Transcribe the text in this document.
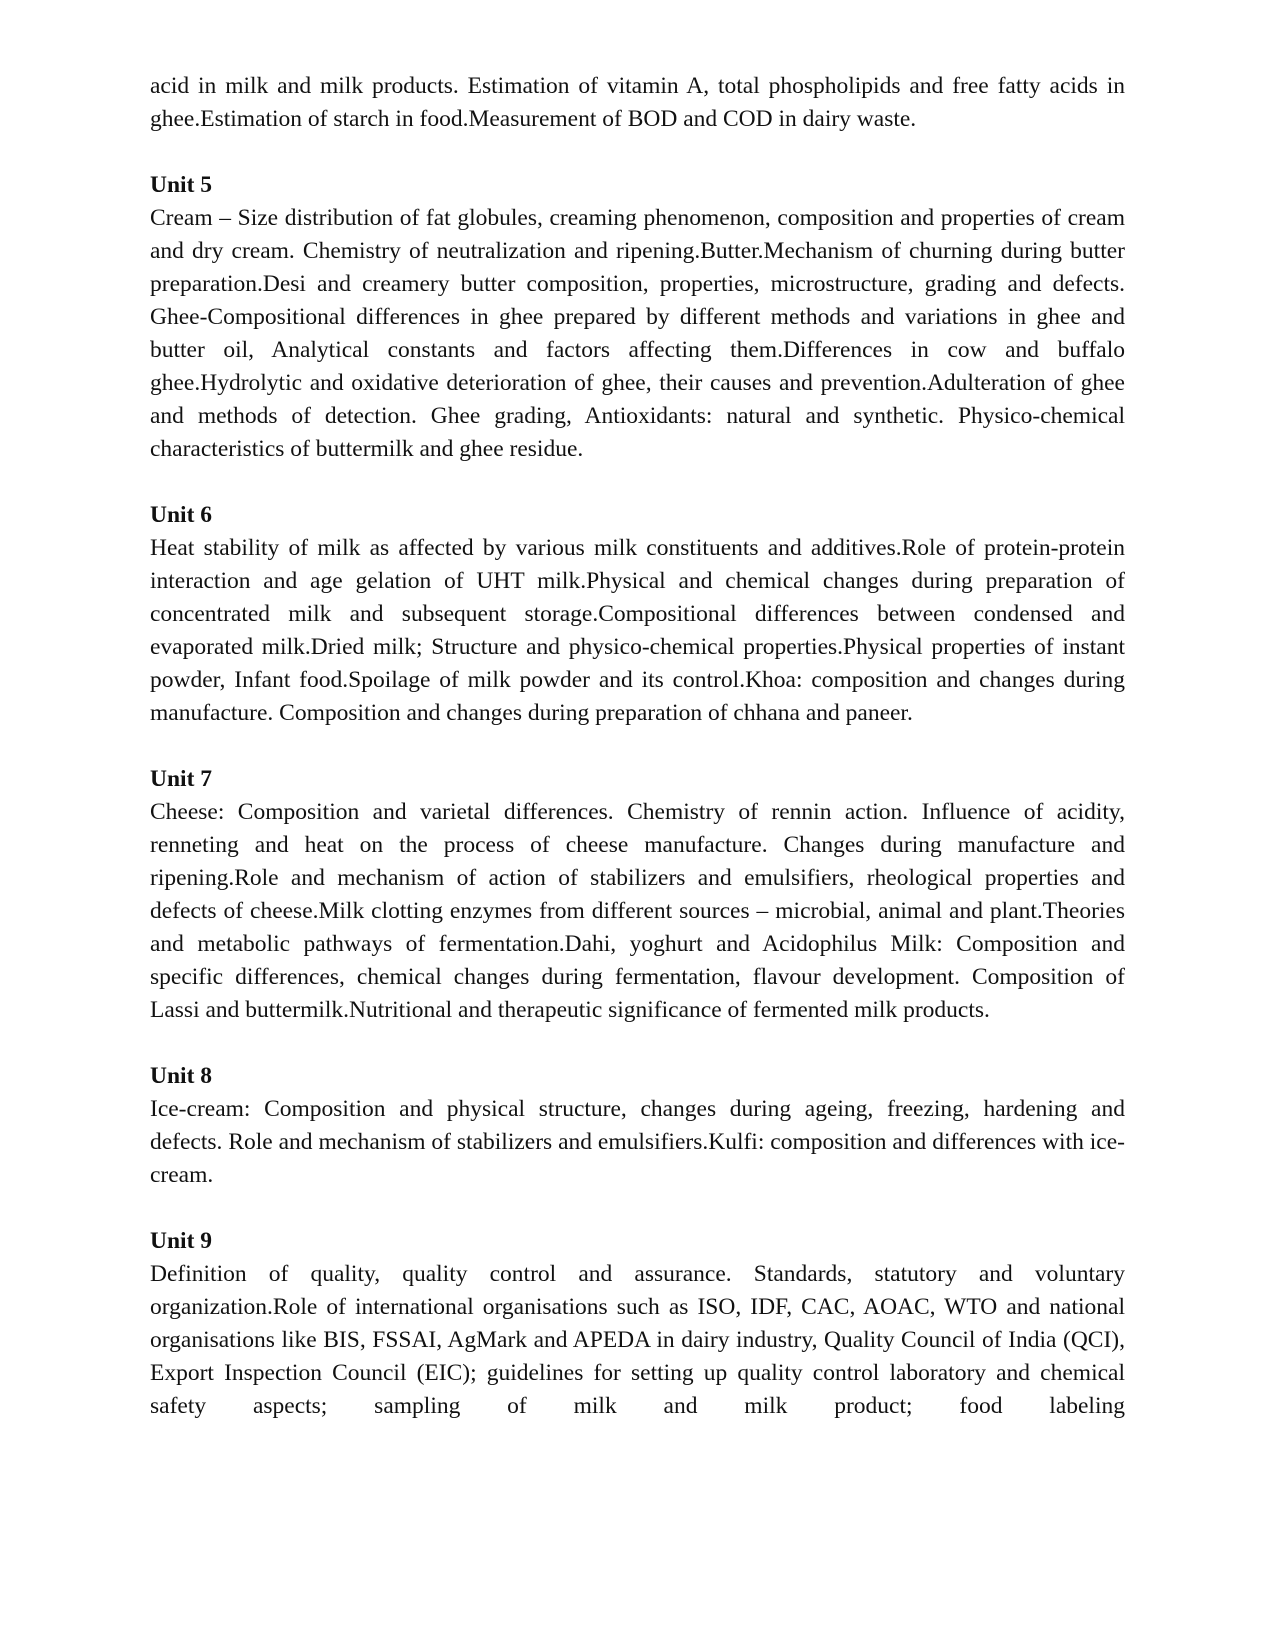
acid in milk and milk products. Estimation of vitamin A, total phospholipids and free fatty acids in ghee.Estimation of starch in food.Measurement of BOD and COD in dairy waste.

Unit 5

Cream – Size distribution of fat globules, creaming phenomenon, composition and properties of cream and dry cream. Chemistry of neutralization and ripening.Butter.Mechanism of churning during butter preparation.Desi and creamery butter composition, properties, microstructure, grading and defects. Ghee-Compositional differences in ghee prepared by different methods and variations in ghee and butter oil, Analytical constants and factors affecting them.Differences in cow and buffalo ghee.Hydrolytic and oxidative deterioration of ghee, their causes and prevention.Adulteration of ghee and methods of detection. Ghee grading, Antioxidants: natural and synthetic. Physico-chemical characteristics of buttermilk and ghee residue.

Unit 6

Heat stability of milk as affected by various milk constituents and additives.Role of protein-protein interaction and age gelation of UHT milk.Physical and chemical changes during preparation of concentrated milk and subsequent storage.Compositional differences between condensed and evaporated milk.Dried milk; Structure and physico-chemical properties.Physical properties of instant powder, Infant food.Spoilage of milk powder and its control.Khoa: composition and changes during manufacture. Composition and changes during preparation of chhana and paneer.

Unit 7

Cheese: Composition and varietal differences. Chemistry of rennin action. Influence of acidity, renneting and heat on the process of cheese manufacture. Changes during manufacture and ripening.Role and mechanism of action of stabilizers and emulsifiers, rheological properties and defects of cheese.Milk clotting enzymes from different sources – microbial, animal and plant.Theories and metabolic pathways of fermentation.Dahi, yoghurt and Acidophilus Milk: Composition and specific differences, chemical changes during fermentation, flavour development. Composition of Lassi and buttermilk.Nutritional and therapeutic significance of fermented milk products.

Unit 8

Ice-cream: Composition and physical structure, changes during ageing, freezing, hardening and defects. Role and mechanism of stabilizers and emulsifiers.Kulfi: composition and differences with ice-cream.

Unit 9

Definition of quality, quality control and assurance. Standards, statutory and voluntary organization.Role of international organisations such as ISO, IDF, CAC, AOAC, WTO and national organisations like BIS, FSSAI, AgMark and APEDA in dairy industry, Quality Council of India (QCI), Export Inspection Council (EIC); guidelines for setting up quality control laboratory and chemical safety aspects; sampling of milk and milk product; food labeling
